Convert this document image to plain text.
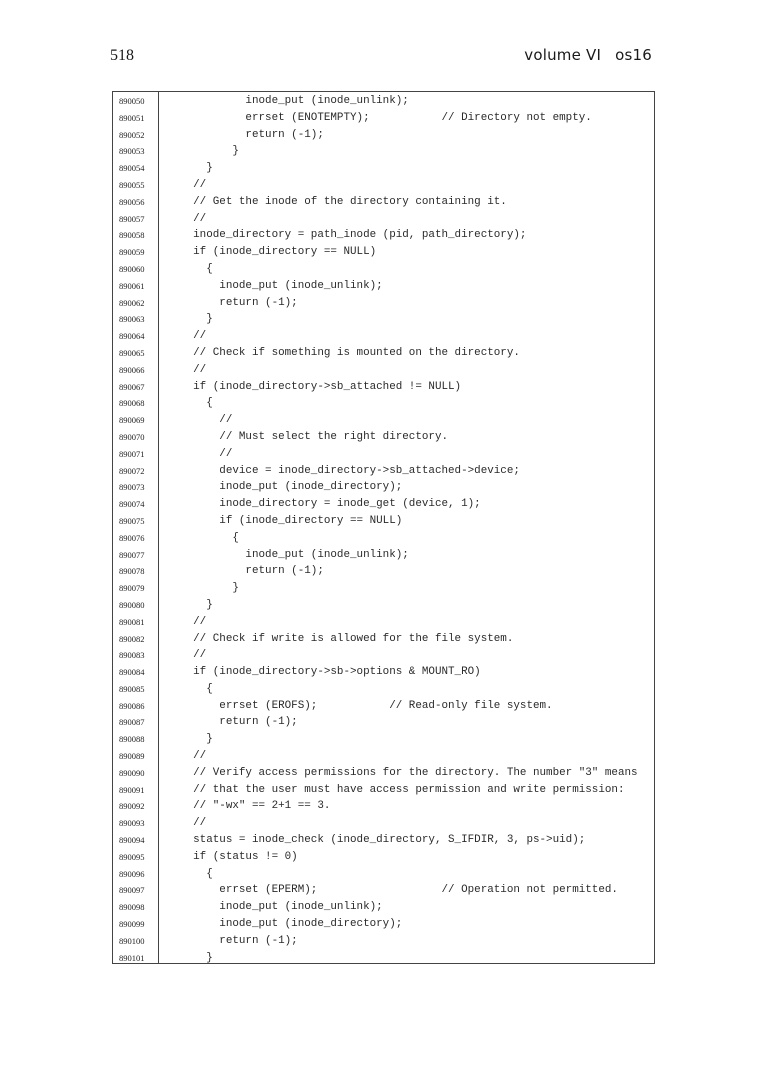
518	volume VI os16
890050	inode_put (inode_unlink);
890051	errset (ENOTEMPTY);           // Directory not empty.
890052	return (-1);
890053	}
890054	}
890055	//
890056	// Get the inode of the directory containing it.
890057	//
890058	inode_directory = path_inode (pid, path_directory);
890059	if (inode_directory == NULL)
890060	{
890061	inode_put (inode_unlink);
890062	return (-1);
890063	}
890064	//
890065	// Check if something is mounted on the directory.
890066	//
890067	if (inode_directory->sb_attached != NULL)
890068	{
890069	//
890070	// Must select the right directory.
890071	//
890072	device = inode_directory->sb_attached->device;
890073	inode_put (inode_directory);
890074	inode_directory = inode_get (device, 1);
890075	if (inode_directory == NULL)
890076	{
890077	inode_put (inode_unlink);
890078	return (-1);
890079	}
890080	}
890081	//
890082	// Check if write is allowed for the file system.
890083	//
890084	if (inode_directory->sb->options & MOUNT_RO)
890085	{
890086	errset (EROFS);           // Read-only file system.
890087	return (-1);
890088	}
890089	//
890090	// Verify access permissions for the directory. The number "3" means
890091	// that the user must have access permission and write permission:
890092	// "-wx" == 2+1 == 3.
890093	//
890094	status = inode_check (inode_directory, S_IFDIR, 3, ps->uid);
890095	if (status != 0)
890096	{
890097	errset (EPERM);                   // Operation not permitted.
890098	inode_put (inode_unlink);
890099	inode_put (inode_directory);
890100	return (-1);
890101	}
